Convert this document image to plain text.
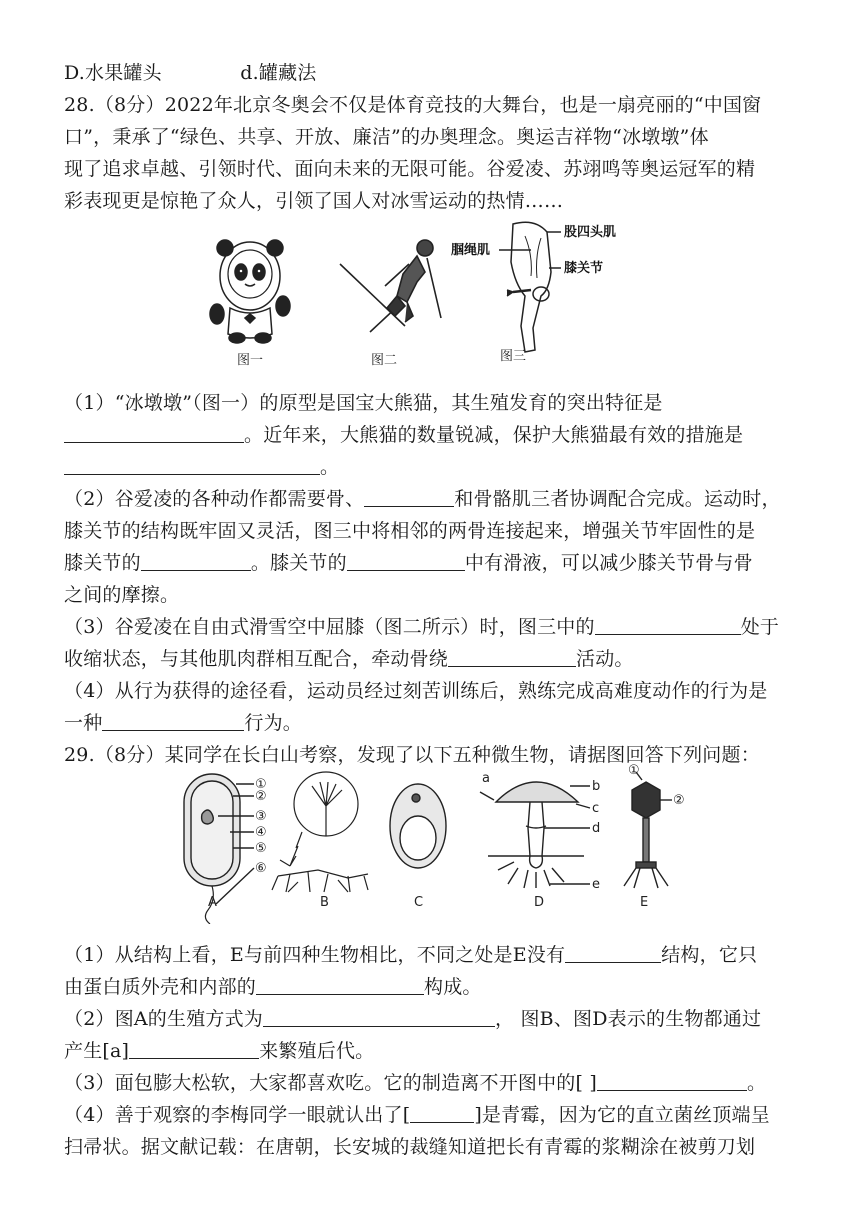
D.水果罐头	d.罐藏法
28.（8分）2022年北京冬奥会不仅是体育竞技的大舞台，也是一扇亮丽的“中国窗
口”，秉承了“绿色、共享、开放、廉洁”的办奥理念。奥运吉祥物“冰墩墩”体
现了追求卓越、引领时代、面向未来的无限可能。谷爱凌、苏翊鸣等奥运冠军的精
彩表现更是惊艳了众人，引领了国人对冰雪运动的热情……
图一	图二
股四头肌
腘绳肌
膝关节
图三
（1）“冰墩墩”（图一）的原型是国宝大熊猫，其生殖发育的突出特征是
。近年来，大熊猫的数量锐减，保护大熊猫最有效的措施是
。
（2）谷爱凌的各种动作都需要骨、	和骨骼肌三者协调配合完成。运动时，
膝关节的结构既牢固又灵活，图三中将相邻的两骨连接起来，增强关节牢固性的是
膝关节的	。膝关节的	中有滑液，可以减少膝关节骨与骨
之间的摩擦。
（3）谷爱凌在自由式滑雪空中屈膝（图二所示）时，图三中的	处于
收缩状态，与其他肌肉群相互配合，牵动骨绕	活动。
（4）从行为获得的途径看，运动员经过刻苦训练后，熟练完成高难度动作的行为是
一种	行为。
29.（8分）某同学在长白山考察，发现了以下五种微生物，请据图回答下列问题：
①
②
③
④
⑤
⑥
A	B	C
a
b
c
d
e
D
①
②
E
（1）从结构上看，E与前四种生物相比，不同之处是E没有	结构，它只
由蛋白质外壳和内部的	构成。
（2）图A的生殖方式为	， 图B、图D表示的生物都通过
产生[a]	来繁殖后代。
（3）面包膨大松软，大家都喜欢吃。它的制造离不开图中的[ ]	。
（4）善于观察的李梅同学一眼就认出了[	]是青霉，因为它的直立菌丝顶端呈
扫帚状。据文献记载：在唐朝，长安城的裁缝知道把长有青霉的浆糊涂在被剪刀划
